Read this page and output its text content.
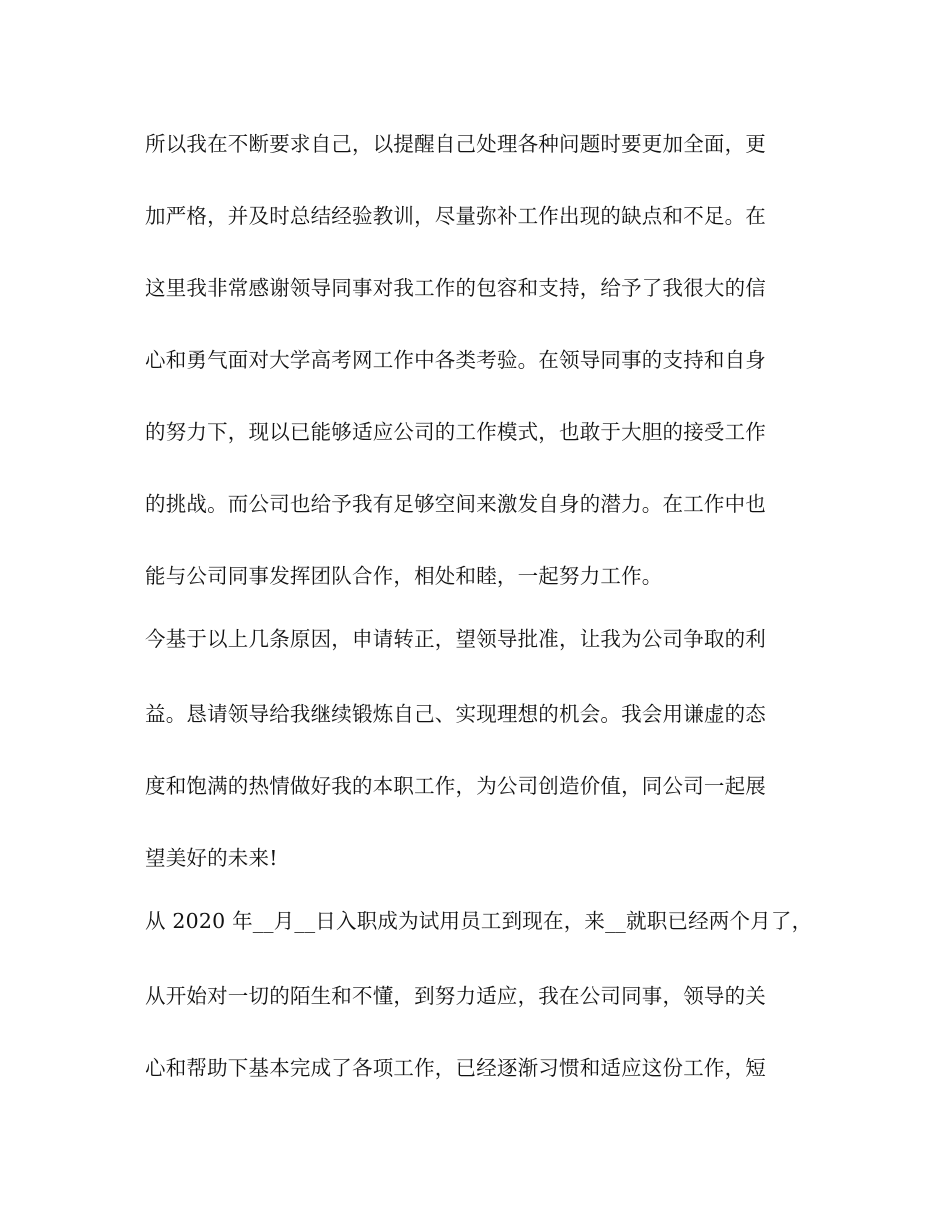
所以我在不断要求自己，以提醒自己处理各种问题时要更加全面，更
加严格，并及时总结经验教训，尽量弥补工作出现的缺点和不足。在
这里我非常感谢领导同事对我工作的包容和支持，给予了我很大的信
心和勇气面对大学高考网工作中各类考验。在领导同事的支持和自身
的努力下，现以已能够适应公司的工作模式，也敢于大胆的接受工作
的挑战。而公司也给予我有足够空间来激发自身的潜力。在工作中也
能与公司同事发挥团队合作，相处和睦，一起努力工作。
今基于以上几条原因，申请转正，望领导批准，让我为公司争取的利
益。恳请领导给我继续锻炼自己、实现理想的机会。我会用谦虚的态
度和饱满的热情做好我的本职工作，为公司创造价值，同公司一起展
望美好的未来!
从 2020 年__月__日入职成为试用员工到现在，来__就职已经两个月了，
从开始对一切的陌生和不懂，到努力适应，我在公司同事，领导的关
心和帮助下基本完成了各项工作，已经逐渐习惯和适应这份工作，短
